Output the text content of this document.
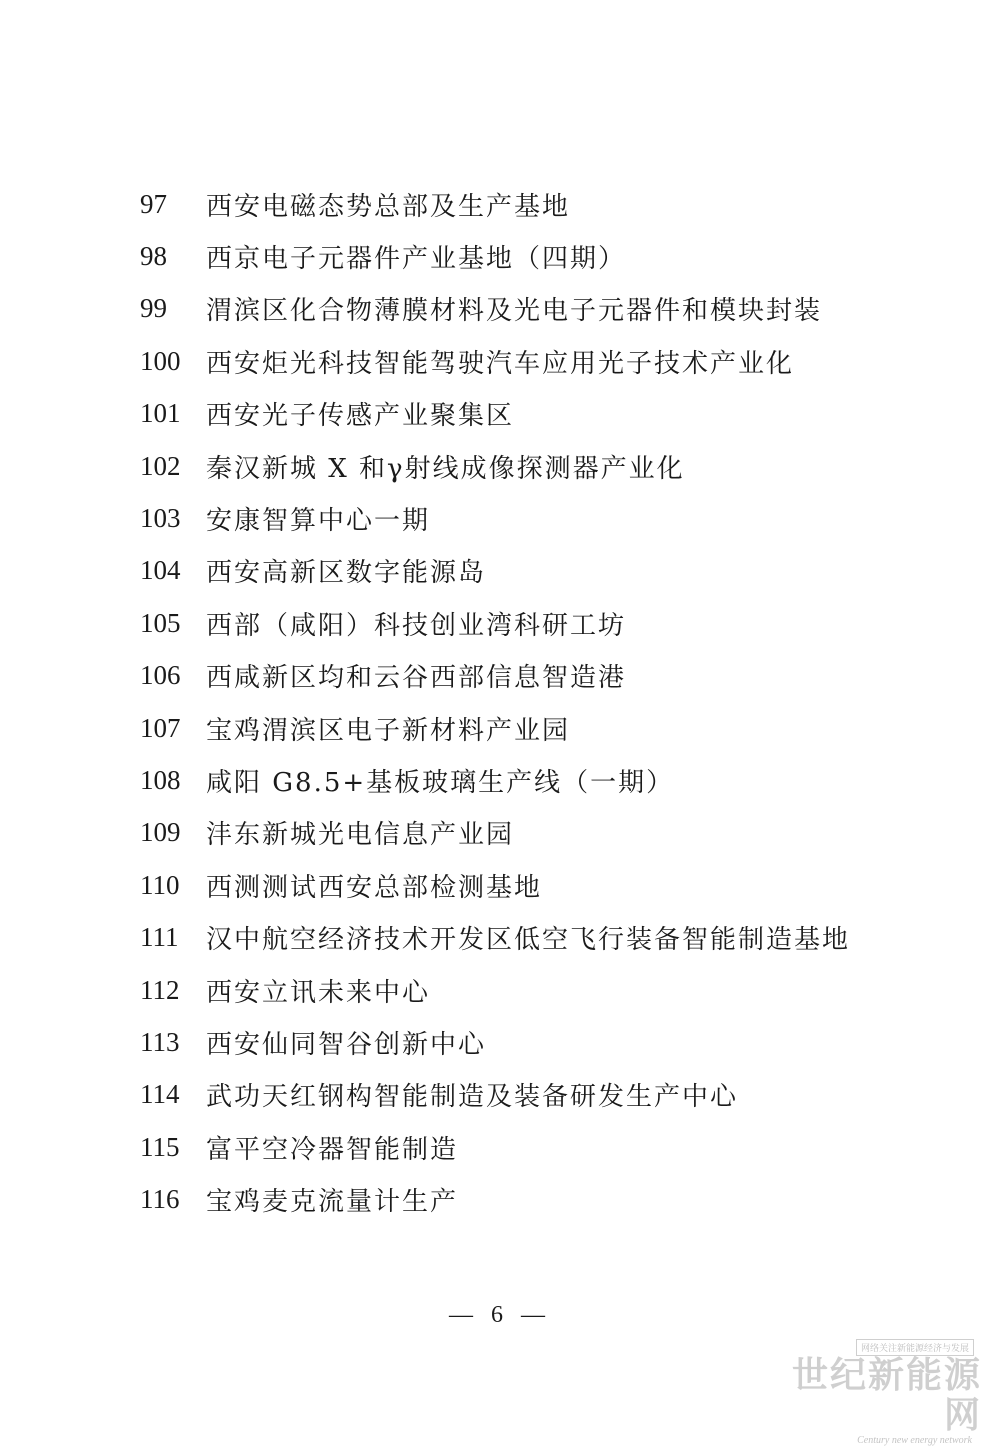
97	西安电磁态势总部及生产基地
98	西京电子元器件产业基地（四期）
99	渭滨区化合物薄膜材料及光电子元器件和模块封装
100 西安炬光科技智能驾驶汽车应用光子技术产业化
101 西安光子传感产业聚集区
102 秦汉新城 X 和γ射线成像探测器产业化
103 安康智算中心一期
104 西安高新区数字能源岛
105 西部（咸阳）科技创业湾科研工坊
106 西咸新区均和云谷西部信息智造港
107 宝鸡渭滨区电子新材料产业园
108 咸阳 G8.5+基板玻璃生产线（一期）
109 沣东新城光电信息产业园
110	西测测试西安总部检测基地
111	汉中航空经济技术开发区低空飞行装备智能制造基地
112	西安立讯未来中心
113	西安仙同智谷创新中心
114	武功天红钢构智能制造及装备研发生产中心
115	富平空冷器智能制造
116	宝鸡麦克流量计生产
— 6 —
网络关注新能源经济与发展
世纪新能源网
Century new energy network
